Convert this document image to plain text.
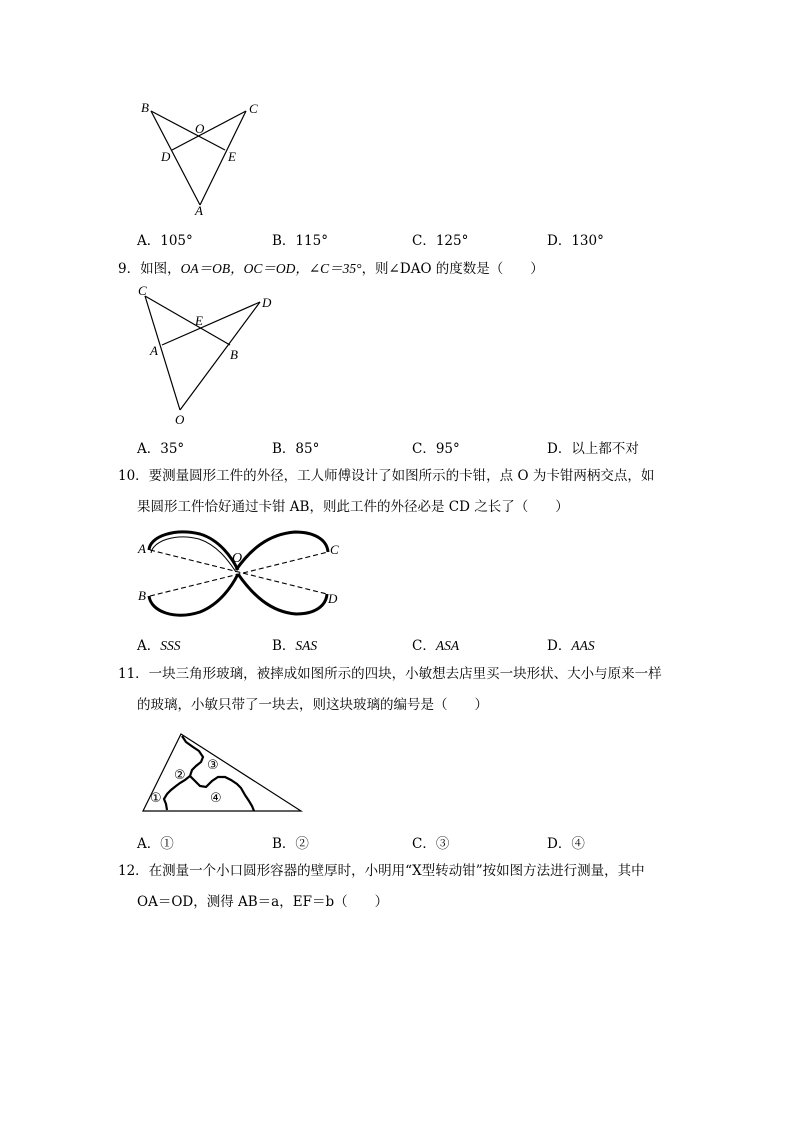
B	C
O
D	E
A
A．105°	B．115°	C．125°	D．130°
9．如图，OA＝OB，OC＝OD，∠C＝35°，则∠DAO 的度数是（　　）
C
D
E
A	B
O
A．35°	B．85°	C．95°	D．以上都不对
10．要测量圆形工件的外径，工人师傅设计了如图所示的卡钳，点 O 为卡钳两柄交点，如
果圆形工件恰好通过卡钳 AB，则此工件的外径必是 CD 之长了（　　）
A
B
C
D
O
A．SSS	B．SAS	C．ASA	D．AAS
11．一块三角形玻璃，被摔成如图所示的四块，小敏想去店里买一块形状、大小与原来一样
的玻璃，小敏只带了一块去，则这块玻璃的编号是（　　）
②
③
①	④
A．①	B．②	C．③	D．④
12．在测量一个小口圆形容器的壁厚时，小明用“X型转动钳”按如图方法进行测量，其中
OA＝OD，测得 AB＝a，EF＝b（　　）
